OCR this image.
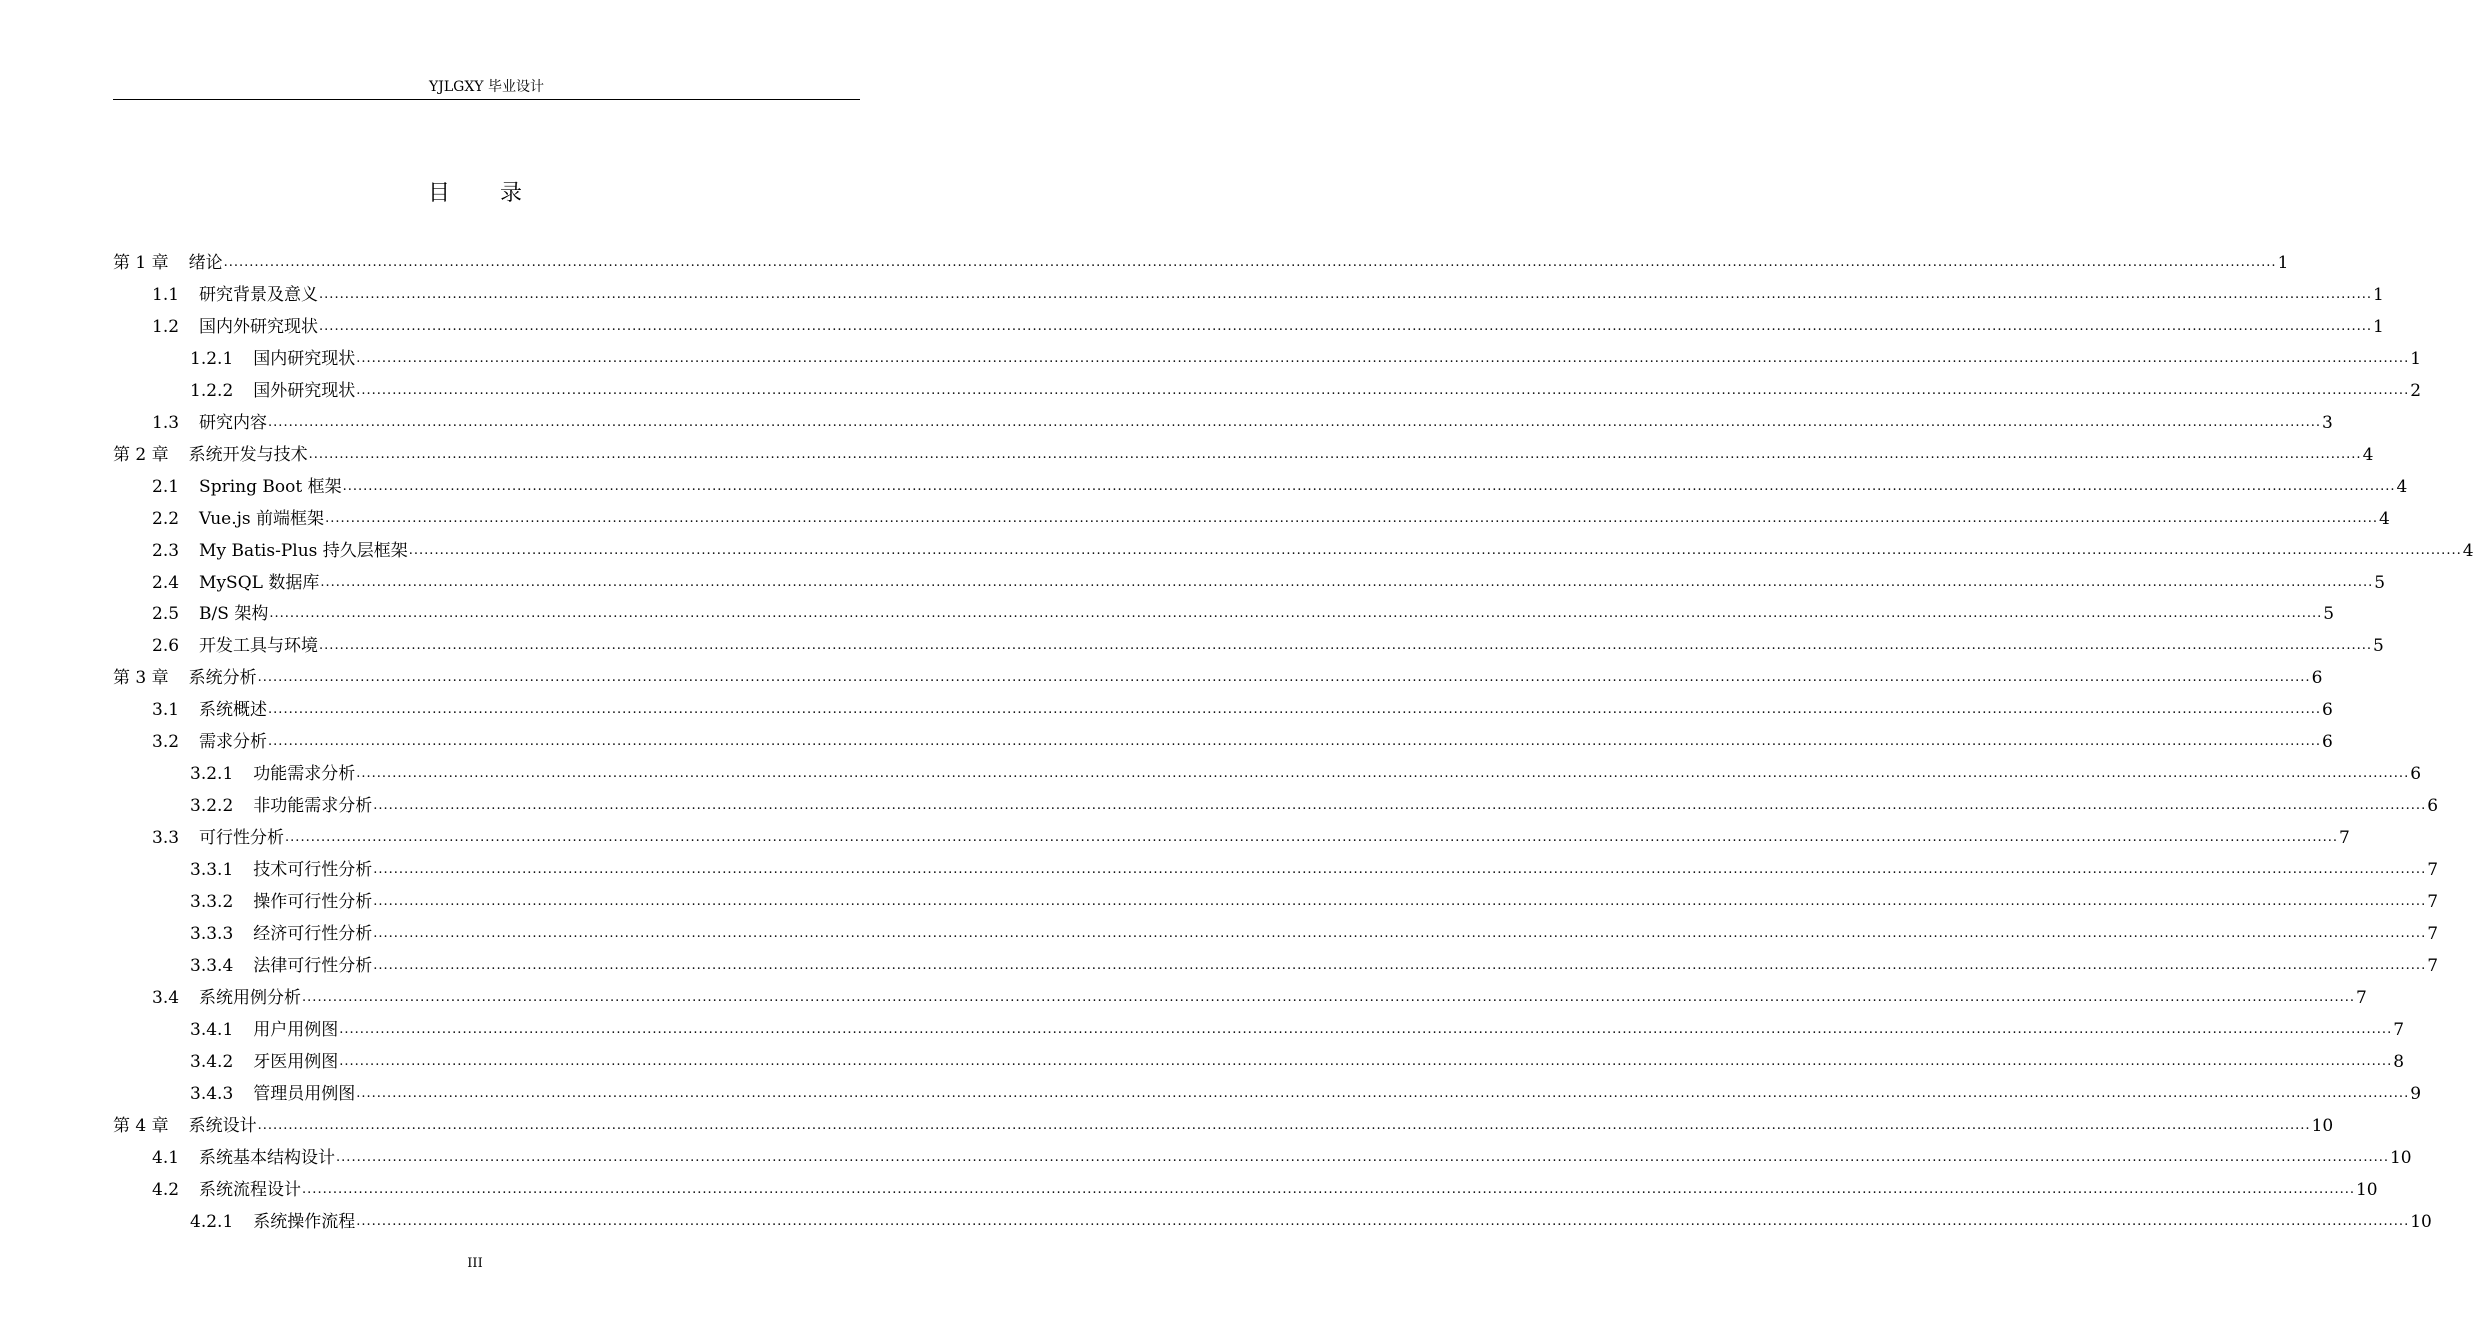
YJLGXY 毕业设计
目录
第 1 章	绪论 ................................................................................................................................................................................................................................................................................................................................................................................................................ 1
1.1	研究背景及意义 ................................................................................................................................................................................................................................................................................................................................................................................................................ 1
1.2	国内外研究现状 ................................................................................................................................................................................................................................................................................................................................................................................................................ 1
1.2.1	国内研究现状 ................................................................................................................................................................................................................................................................................................................................................................................................................ 1
1.2.2	国外研究现状 ................................................................................................................................................................................................................................................................................................................................................................................................................ 2
1.3	研究内容 ................................................................................................................................................................................................................................................................................................................................................................................................................ 3
第 2 章	系统开发与技术 ................................................................................................................................................................................................................................................................................................................................................................................................................ 4
2.1	Spring Boot 框架 ................................................................................................................................................................................................................................................................................................................................................................................................................ 4
2.2	Vue.js 前端框架 ................................................................................................................................................................................................................................................................................................................................................................................................................ 4
2.3	My Batis-Plus 持久层框架 ................................................................................................................................................................................................................................................................................................................................................................................................................ 4
2.4	MySQL 数据库 ................................................................................................................................................................................................................................................................................................................................................................................................................ 5
2.5	B/S 架构 ................................................................................................................................................................................................................................................................................................................................................................................................................ 5
2.6	开发工具与环境 ................................................................................................................................................................................................................................................................................................................................................................................................................ 5
第 3 章	系统分析 ................................................................................................................................................................................................................................................................................................................................................................................................................ 6
3.1	系统概述 ................................................................................................................................................................................................................................................................................................................................................................................................................ 6
3.2	需求分析 ................................................................................................................................................................................................................................................................................................................................................................................................................ 6
3.2.1	功能需求分析 ................................................................................................................................................................................................................................................................................................................................................................................................................ 6
3.2.2	非功能需求分析 ................................................................................................................................................................................................................................................................................................................................................................................................................ 6
3.3	可行性分析 ................................................................................................................................................................................................................................................................................................................................................................................................................ 7
3.3.1	技术可行性分析 ................................................................................................................................................................................................................................................................................................................................................................................................................ 7
3.3.2	操作可行性分析 ................................................................................................................................................................................................................................................................................................................................................................................................................ 7
3.3.3	经济可行性分析 ................................................................................................................................................................................................................................................................................................................................................................................................................ 7
3.3.4	法律可行性分析 ................................................................................................................................................................................................................................................................................................................................................................................................................ 7
3.4	系统用例分析 ................................................................................................................................................................................................................................................................................................................................................................................................................ 7
3.4.1	用户用例图 ................................................................................................................................................................................................................................................................................................................................................................................................................ 7
3.4.2	牙医用例图 ................................................................................................................................................................................................................................................................................................................................................................................................................ 8
3.4.3	管理员用例图 ................................................................................................................................................................................................................................................................................................................................................................................................................ 9
第 4 章	系统设计 ................................................................................................................................................................................................................................................................................................................................................................................................................ 10
4.1	系统基本结构设计 ................................................................................................................................................................................................................................................................................................................................................................................................................ 10
4.2	系统流程设计 ................................................................................................................................................................................................................................................................................................................................................................................................................ 10
4.2.1	系统操作流程 ................................................................................................................................................................................................................................................................................................................................................................................................................ 10
III
